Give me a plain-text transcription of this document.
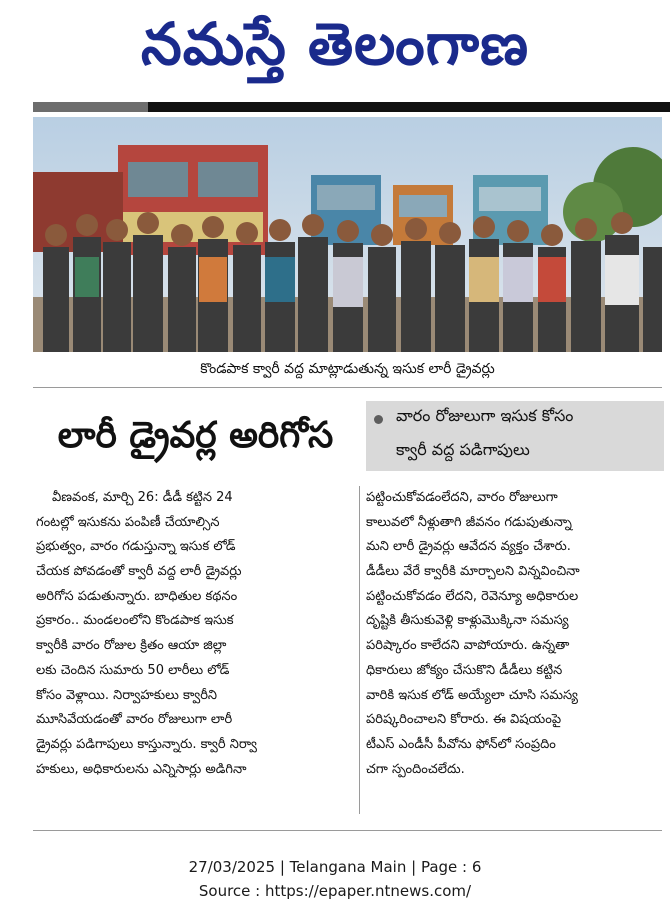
నమస్తే తెలంగాణ
కొండపాక క్వారీ వద్ద మాట్లాడుతున్న ఇసుక లారీ డ్రైవర్లు
లారీ డ్రైవర్ల అరిగోస	వారం రోజులుగా ఇసుక కోసం
క్వారీ వద్ద పడిగాపులు
వీణవంక, మార్చి 26: డీడీ కట్టిన 24
గంటల్లో ఇసుకను పంపిణీ చేయాల్సిన
ప్రభుత్వం, వారం గడుస్తున్నా ఇసుక లోడ్
చేయక పోవడంతో క్వారీ వద్ద లారీ డ్రైవర్లు
అరిగోస పడుతున్నారు. బాధితుల కథనం
ప్రకారం.. మండలంలోని కొండపాక ఇసుక
క్వారీకి వారం రోజుల క్రితం ఆయా జిల్లా
లకు చెందిన సుమారు 50 లారీలు లోడ్
కోసం వెళ్లాయి. నిర్వాహకులు క్వారీని
మూసివేయడంతో వారం రోజులుగా లారీ
డ్రైవర్లు పడిగాపులు కాస్తున్నారు. క్వారీ నిర్వా
హకులు, అధికారులను ఎన్నిసార్లు అడిగినా
పట్టించుకోవడంలేదని, వారం రోజులుగా
కాలువలో నీళ్లుతాగి జీవనం గడుపుతున్నా
మని లారీ డ్రైవర్లు ఆవేదన వ్యక్తం చేశారు.
డీడీలు వేరే క్వారీకి మార్చాలని విన్నవించినా
పట్టించుకోవడం లేదని, రెవెన్యూ అధికారుల
దృష్టికి తీసుకువెళ్లి కాళ్లుమొక్కినా సమస్య
పరిష్కారం కాలేదని వాపోయారు. ఉన్నతా
ధికారులు జోక్యం చేసుకొని డీడీలు కట్టిన
వారికి ఇసుక లోడ్ అయ్యేలా చూసి సమస్య
పరిష్కరించాలని కోరారు. ఈ విషయంపై
టీఎస్ ఎండీసీ పీవోను ఫోన్‌లో సంప్రదిం
చగా స్పందించలేదు.
27/03/2025 | Telangana Main | Page : 6
Source : https://epaper.ntnews.com/
